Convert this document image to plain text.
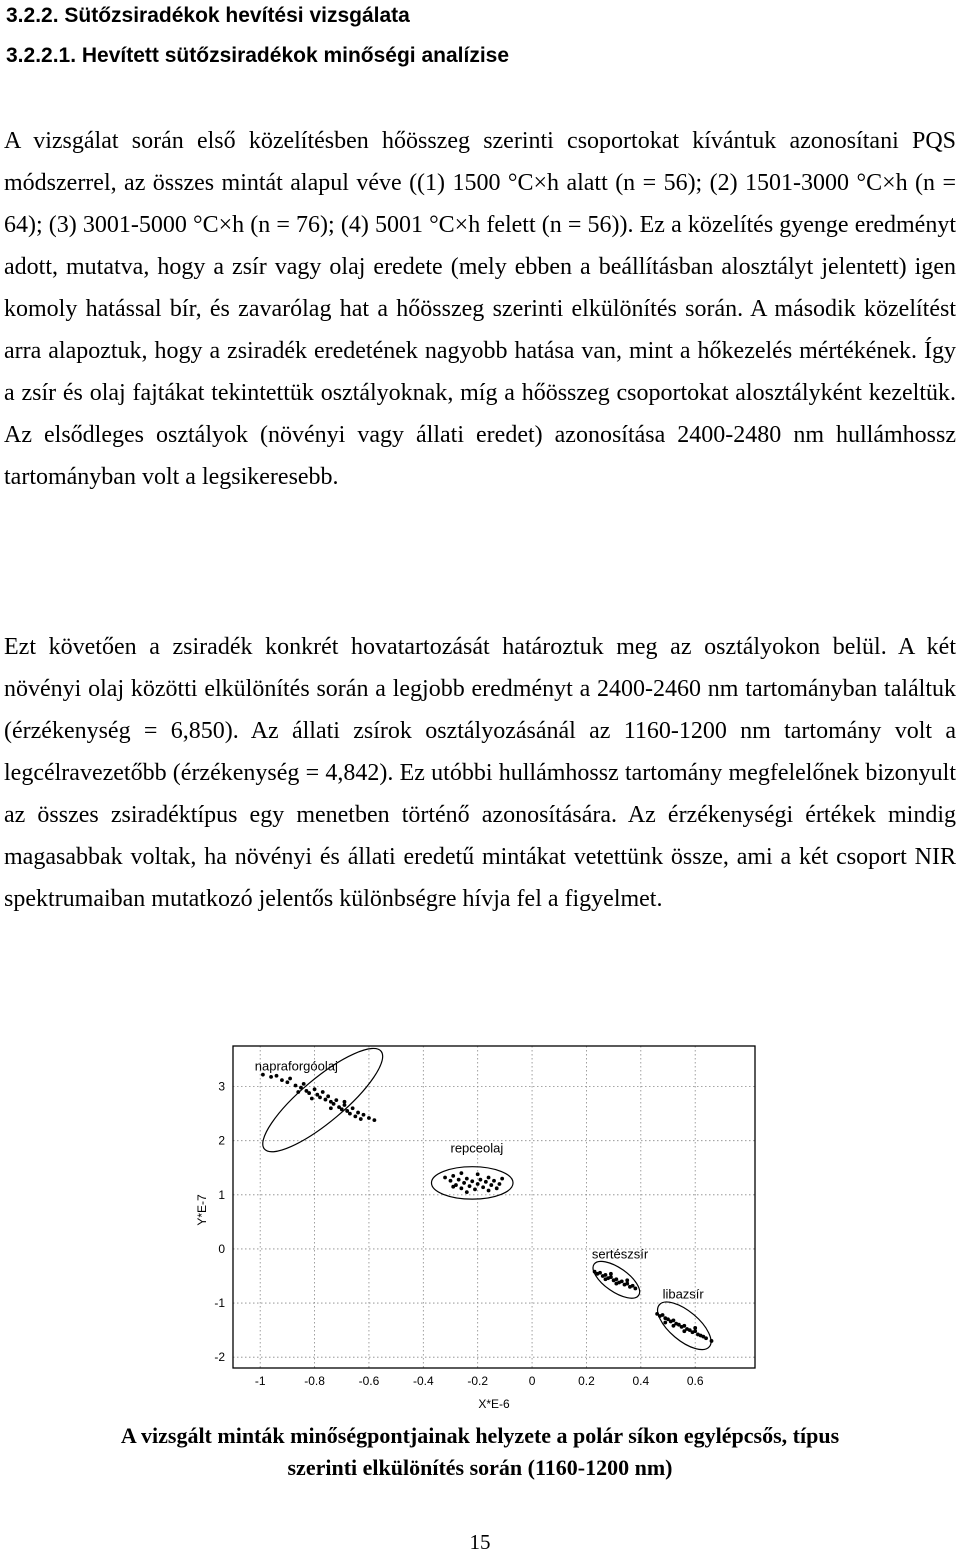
3.2.2. Sütőzsiradékok hevítési vizsgálata
3.2.2.1. Hevített sütőzsiradékok minőségi analízise

A vizsgálat során első közelítésben hőösszeg szerinti csoportokat kívántuk azonosítani PQS módszerrel, az összes mintát alapul véve ((1) 1500 °C×h alatt (n = 56); (2) 1501-3000 °C×h (n = 64); (3) 3001-5000 °C×h (n = 76); (4) 5001 °C×h felett (n = 56)). Ez a közelítés gyenge eredményt adott, mutatva, hogy a zsír vagy olaj eredete (mely ebben a beállításban alosztályt jelentett) igen komoly hatással bír, és zavarólag hat a hőösszeg szerinti elkülönítés során. A második közelítést arra alapoztuk, hogy a zsiradék eredetének nagyobb hatása van, mint a hőkezelés mértékének. Így a zsír és olaj fajtákat tekintettük osztályoknak, míg a hőösszeg csoportokat alosztályként kezeltük. Az elsődleges osztályok (növényi vagy állati eredet) azonosítása 2400-2480 nm hullámhossz tartományban volt a legsikeresebb.

Ezt követően a zsiradék konkrét hovatartozását határoztuk meg az osztályokon belül. A két növényi olaj közötti elkülönítés során a legjobb eredményt a 2400-2460 nm tartományban találtuk (érzékenység = 6,850). Az állati zsírok osztályozásánál az 1160-1200 nm tartomány volt a legcélravezetőbb (érzékenység = 4,842). Ez utóbbi hullámhossz tartomány megfelelőnek bizonyult az összes zsiradéktípus egy menetben történő azonosítására. Az érzékenységi értékek mindig magasabbak voltak, ha növényi és állati eredetű mintákat vetettünk össze, ami a két csoport NIR spektrumaiban mutatkozó jelentős különbségre hívja fel a figyelmet.

-1	-0.8	-0.6	-0.4	-0.2	0	0.2	0.4	0.6
-2
-1
0
1
2
3
napraforgóolaj
repceolaj
sertészsír
libazsír
X*E-6
Y*E-7
A vizsgált minták minőségpontjainak helyzete a polár síkon egylépcsős, típus
szerinti elkülönítés során (1160-1200 nm)
15
